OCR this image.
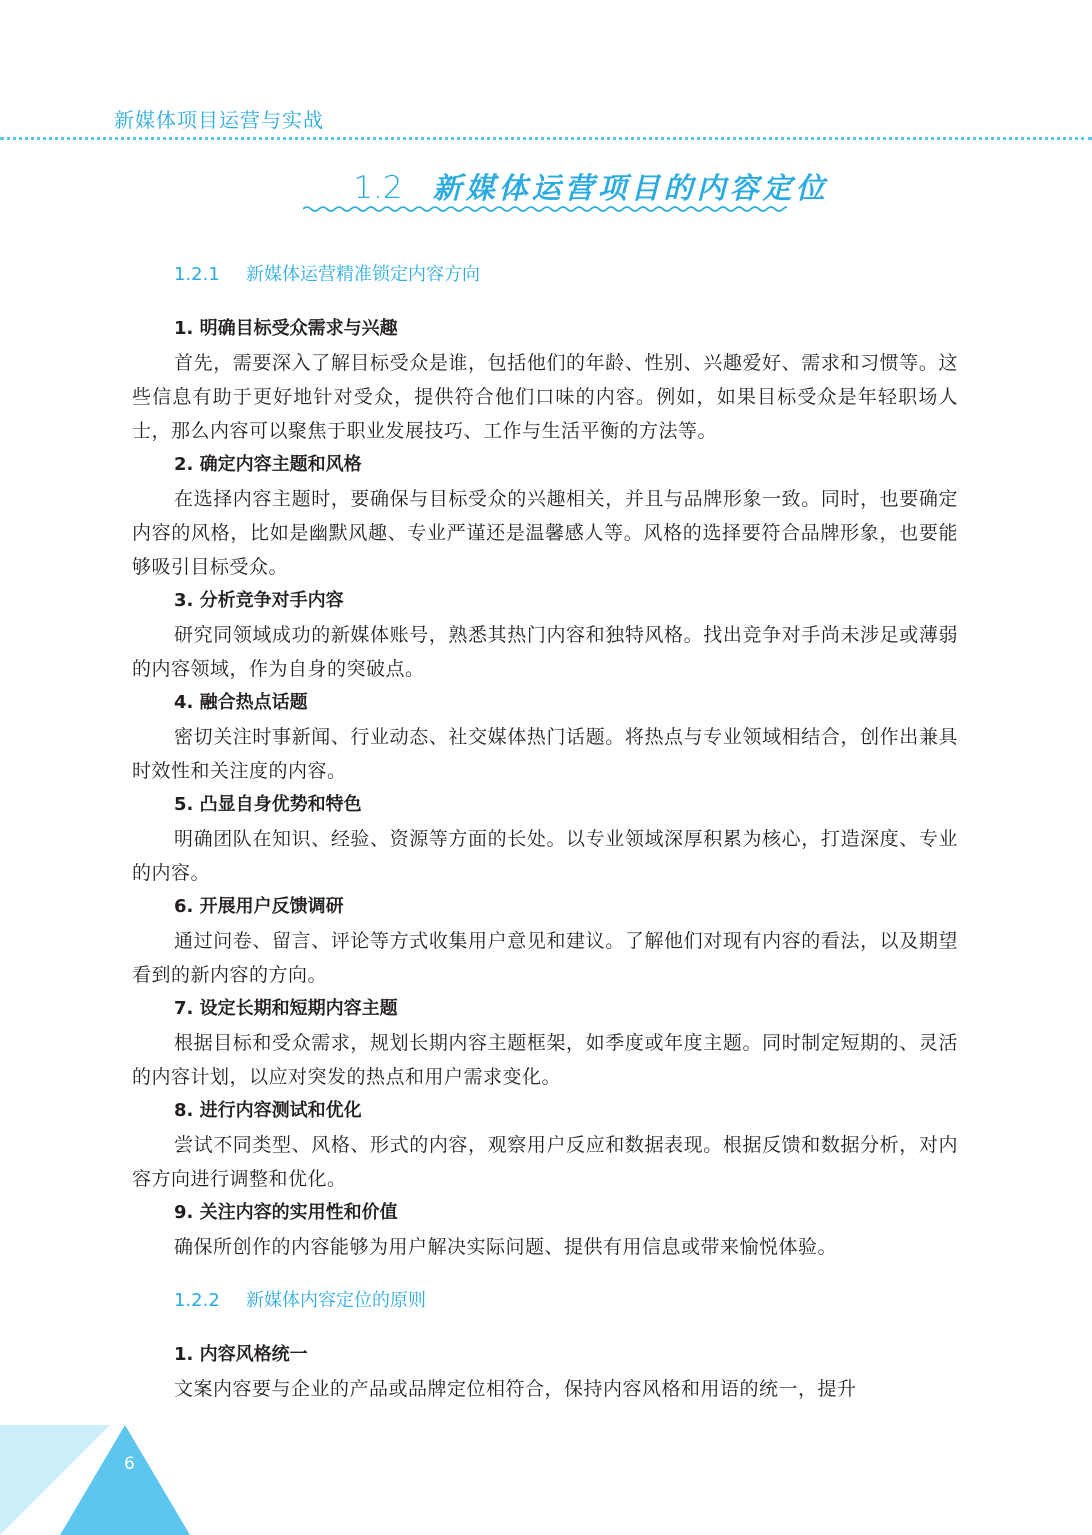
新媒体项目运营与实战
1.2 新媒体运营项目的内容定位
1.2.1 新媒体运营精准锁定内容方向
1. 明确目标受众需求与兴趣
首先，需要深入了解目标受众是谁，包括他们的年龄、性别、兴趣爱好、需求和习惯等。这些信息有助于更好地针对受众，提供符合他们口味的内容。例如，如果目标受众是年轻职场人士，那么内容可以聚焦于职业发展技巧、工作与生活平衡的方法等。
2. 确定内容主题和风格
在选择内容主题时，要确保与目标受众的兴趣相关，并且与品牌形象一致。同时，也要确定内容的风格，比如是幽默风趣、专业严谨还是温馨感人等。风格的选择要符合品牌形象，也要能够吸引目标受众。
3. 分析竞争对手内容
研究同领域成功的新媒体账号，熟悉其热门内容和独特风格。找出竞争对手尚未涉足或薄弱的内容领域，作为自身的突破点。
4. 融合热点话题
密切关注时事新闻、行业动态、社交媒体热门话题。将热点与专业领域相结合，创作出兼具时效性和关注度的内容。
5. 凸显自身优势和特色
明确团队在知识、经验、资源等方面的长处。以专业领域深厚积累为核心，打造深度、专业的内容。
6. 开展用户反馈调研
通过问卷、留言、评论等方式收集用户意见和建议。了解他们对现有内容的看法，以及期望看到的新内容的方向。
7. 设定长期和短期内容主题
根据目标和受众需求，规划长期内容主题框架，如季度或年度主题。同时制定短期的、灵活的内容计划，以应对突发的热点和用户需求变化。
8. 进行内容测试和优化
尝试不同类型、风格、形式的内容，观察用户反应和数据表现。根据反馈和数据分析，对内容方向进行调整和优化。
9. 关注内容的实用性和价值
确保所创作的内容能够为用户解决实际问题、提供有用信息或带来愉悦体验。
1.2.2 新媒体内容定位的原则
1. 内容风格统一
文案内容要与企业的产品或品牌定位相符合，保持内容风格和用语的统一，提升
6
